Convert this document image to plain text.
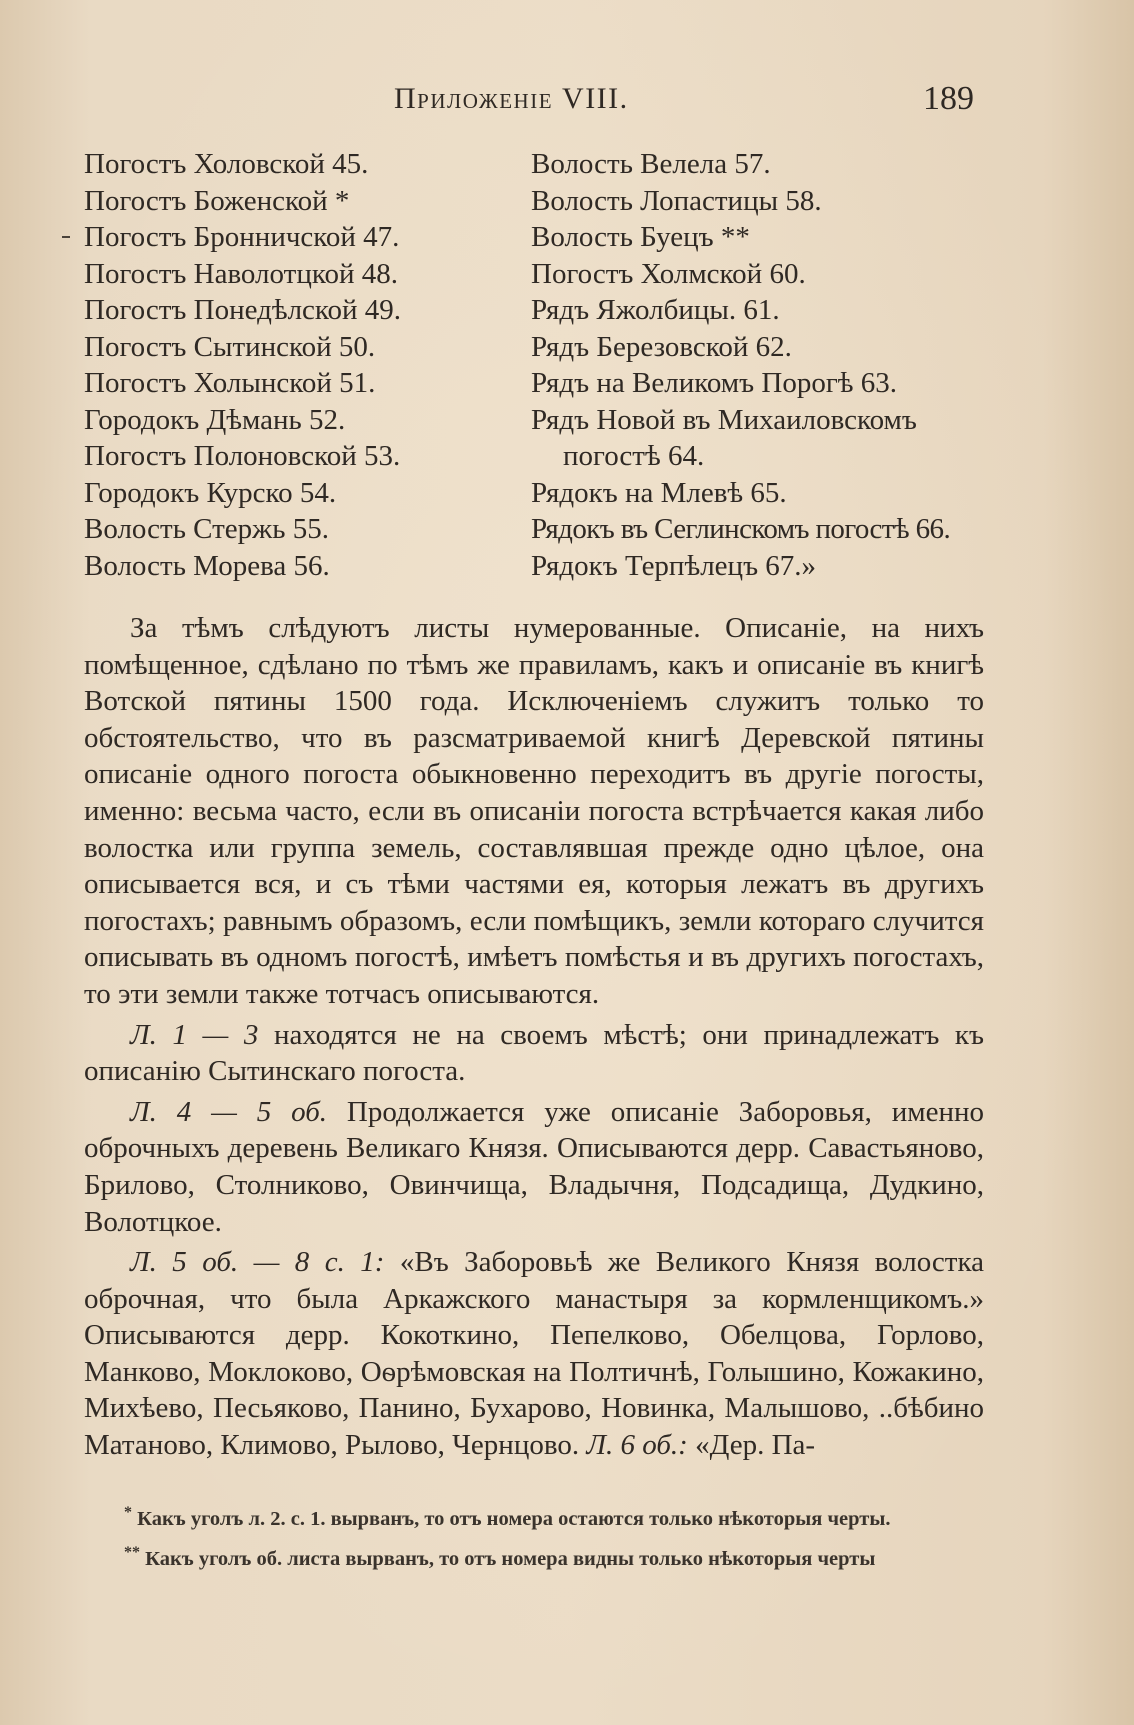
Приложеніе VIII.	189
Погостъ Холовской 45.
Погостъ Боженской *
Погостъ Бронничской 47.
Погостъ Наволотцкой 48.
Погостъ Понедѣлской 49.
Погостъ Сытинской 50.
Погостъ Холынской 51.
Городокъ Дѣмань 52.
Погостъ Полоновской 53.
Городокъ Курско 54.
Волость Стержь 55.
Волость Морева 56.
Волость Велела 57.
Волость Лопастицы 58.
Волость Буецъ **
Погостъ Холмской 60.
Рядъ Яжолбицы. 61.
Рядъ Березовской 62.
Рядъ на Великомъ Порогѣ 63.
Рядъ Новой въ Михаиловскомъ
погостѣ 64.
Рядокъ на Млевѣ 65.
Рядокъ въ Сеглинскомъ погостѣ 66.
Рядокъ Терпѣлецъ 67.»

За тѣмъ слѣдуютъ листы нумерованные. Описаніе, на нихъ помѣщенное, сдѣлано по тѣмъ же правиламъ, какъ и описаніе въ книгѣ Вотской пятины 1500 года. Исключеніемъ служитъ только то обстоятельство, что въ разсматриваемой книгѣ Деревской пятины описаніе одного погоста обыкновенно переходитъ въ другіе погосты, именно: весьма часто, если въ описаніи погоста встрѣчается какая либо волостка или группа земель, составлявшая прежде одно цѣлое, она описывается вся, и съ тѣми частями ея, которыя лежатъ въ другихъ погостахъ; равнымъ образомъ, если помѣщикъ, земли котораго случится описывать въ одномъ погостѣ, имѣетъ помѣстья и въ другихъ погостахъ, то эти земли также тотчасъ описываются.

Л. 1 — 3 находятся не на своемъ мѣстѣ; они принадлежатъ къ описанію Сытинскаго погоста.

Л. 4 — 5 об. Продолжается уже описаніе Заборовья, именно оброчныхъ деревень Великаго Князя. Описываются дерр. Савастьяново, Брилово, Столниково, Овинчища, Владычня, Подсадища, Дудкино, Волотцкое.

Л. 5 об. — 8 с. 1: «Въ Заборовьѣ же Великого Князя волостка оброчная, что была Аркажского манастыря за кормленщикомъ.» Описываются дерр. Кокоткино, Пепелково, Обелцова, Горлово, Манково, Моклоково, Оѳрѣмовская на Полтичнѣ, Голышино, Кожакино, Михѣево, Песьяково, Панино, Бухарово, Новинка, Малышово, ..бѣбино Матаново, Климово, Рылово, Чернцово. Л. 6 об.: «Дер. Па-

* Какъ уголъ л. 2. с. 1. вырванъ, то отъ номера остаются только нѣкоторыя черты.

** Какъ уголъ об. листа вырванъ, то отъ номера видны только нѣкоторыя черты
